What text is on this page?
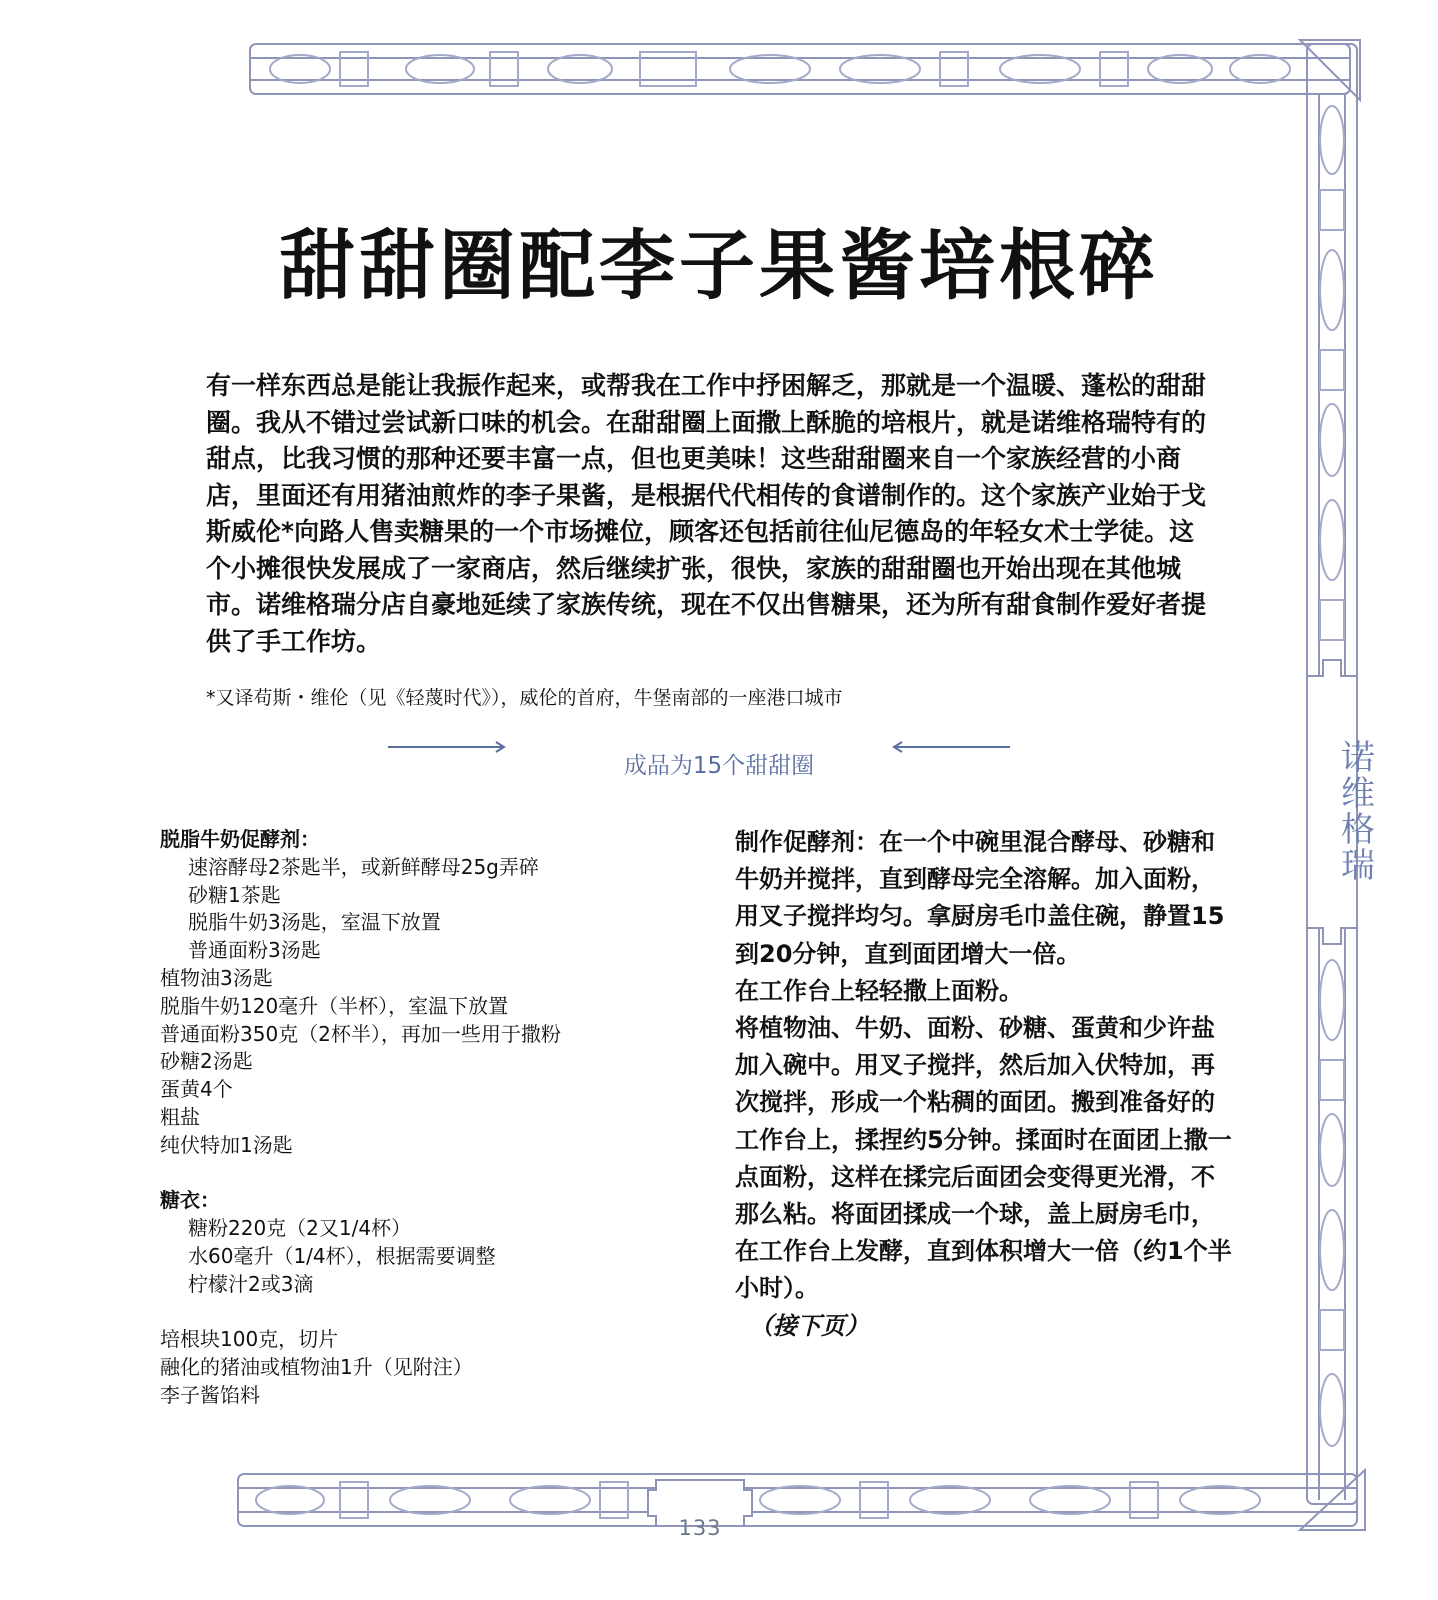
甜甜圈配李子果酱培根碎

有一样东西总是能让我振作起来，或帮我在工作中抒困解乏，那就是一个温暖、蓬松的甜甜圈。我从不错过尝试新口味的机会。在甜甜圈上面撒上酥脆的培根片，就是诺维格瑞特有的甜点，比我习惯的那种还要丰富一点，但也更美味！这些甜甜圈来自一个家族经营的小商店，里面还有用猪油煎炸的李子果酱，是根据代代相传的食谱制作的。这个家族产业始于戈斯威伦*向路人售卖糖果的一个市场摊位，顾客还包括前往仙尼德岛的年轻女术士学徒。这个小摊很快发展成了一家商店，然后继续扩张，很快，家族的甜甜圈也开始出现在其他城市。诺维格瑞分店自豪地延续了家族传统，现在不仅出售糖果，还为所有甜食制作爱好者提供了手工作坊。

*又译苟斯・维伦（见《轻蔑时代》），威伦的首府，牛堡南部的一座港口城市

成品为15个甜甜圈

脱脂牛奶促酵剂：
速溶酵母2茶匙半，或新鲜酵母25g弄碎
砂糖1茶匙
脱脂牛奶3汤匙，室温下放置
普通面粉3汤匙
植物油3汤匙
脱脂牛奶120毫升（半杯），室温下放置
普通面粉350克（2杯半），再加一些用于撒粉
砂糖2汤匙
蛋黄4个
粗盐
纯伏特加1汤匙
糖衣：
糖粉220克（2又1/4杯）
水60毫升（1/4杯），根据需要调整
柠檬汁2或3滴
培根块100克，切片
融化的猪油或植物油1升（见附注）
李子酱馅料
制作促酵剂：在一个中碗里混合酵母、砂糖和牛奶并搅拌，直到酵母完全溶解。加入面粉，用叉子搅拌均匀。拿厨房毛巾盖住碗，静置15到20分钟，直到面团增大一倍。
在工作台上轻轻撒上面粉。
将植物油、牛奶、面粉、砂糖、蛋黄和少许盐加入碗中。用叉子搅拌，然后加入伏特加，再次搅拌，形成一个粘稠的面团。搬到准备好的工作台上，揉捏约5分钟。揉面时在面团上撒一点面粉，这样在揉完后面团会变得更光滑，不那么粘。将面团揉成一个球，盖上厨房毛巾，在工作台上发酵，直到体积增大一倍（约1个半小时）。
（接下页）
诺维格瑞
133
